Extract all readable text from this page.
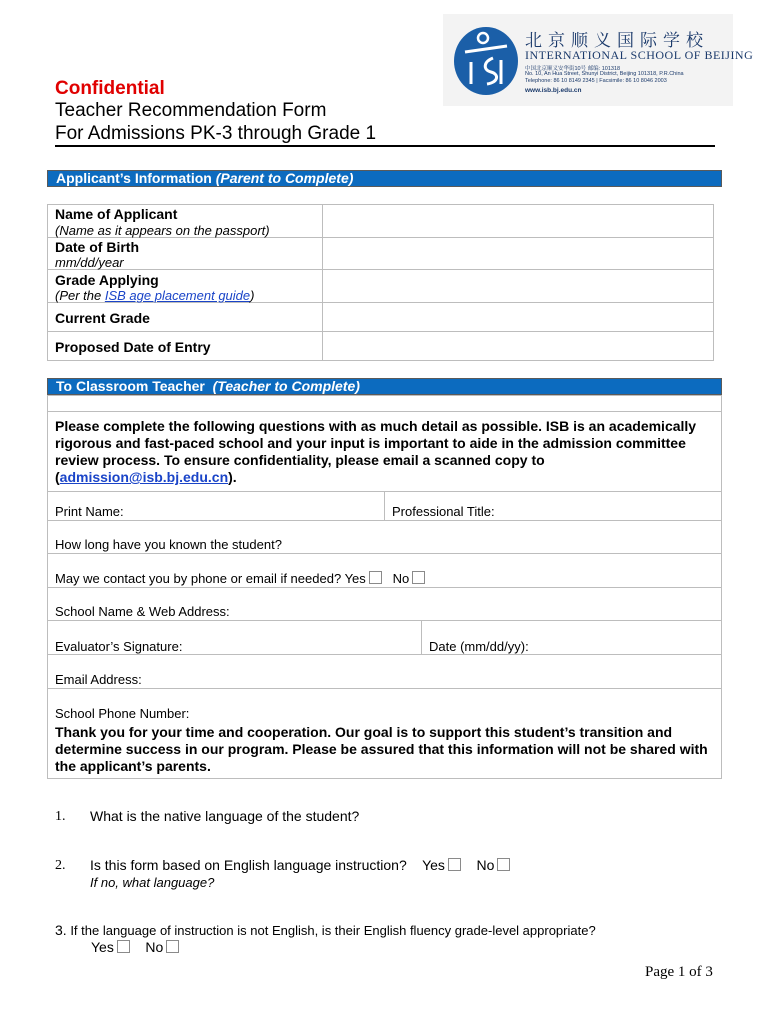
北京顺义国际学校
INTERNATIONAL SCHOOL OF BEIJING
中国北京顺义安华街10号 邮编: 101318
No. 10, An Hua Street, Shunyi District, Beijing 101318, P.R.China
Telephone: 86 10 8149 2345 | Facsimile: 86 10 8046 2003
www.isb.bj.edu.cn
Confidential
Teacher Recommendation Form
For Admissions PK-3 through Grade 1
Applicant’s Information (Parent to Complete)
Name of Applicant
(Name as it appears on the passport)
Date of Birth
mm/dd/year
Grade Applying
(Per the ISB age placement guide)
Current Grade
Proposed Date of Entry
To Classroom Teacher (Teacher to Complete)
Please complete the following questions with as much detail as possible. ISB is an academically rigorous and fast-paced school and your input is important to aide in the admission committee review process. To ensure confidentiality, please email a scanned copy to (admission@isb.bj.edu.cn).
Print Name:	Professional Title:
How long have you known the student?
May we contact you by phone or email if needed? Yes No
School Name & Web Address:
Evaluator’s Signature:	Date (mm/dd/yy):
Email Address:
School Phone Number:
Thank you for your time and cooperation. Our goal is to support this student’s transition and determine success in our program. Please be assured that this information will not be shared with the applicant’s parents.
1. What is the native language of the student?
2. Is this form based on English language instruction? Yes No
If no, what language?
3. If the language of instruction is not English, is their English fluency grade-level appropriate?
Yes No
Page 1 of 3
